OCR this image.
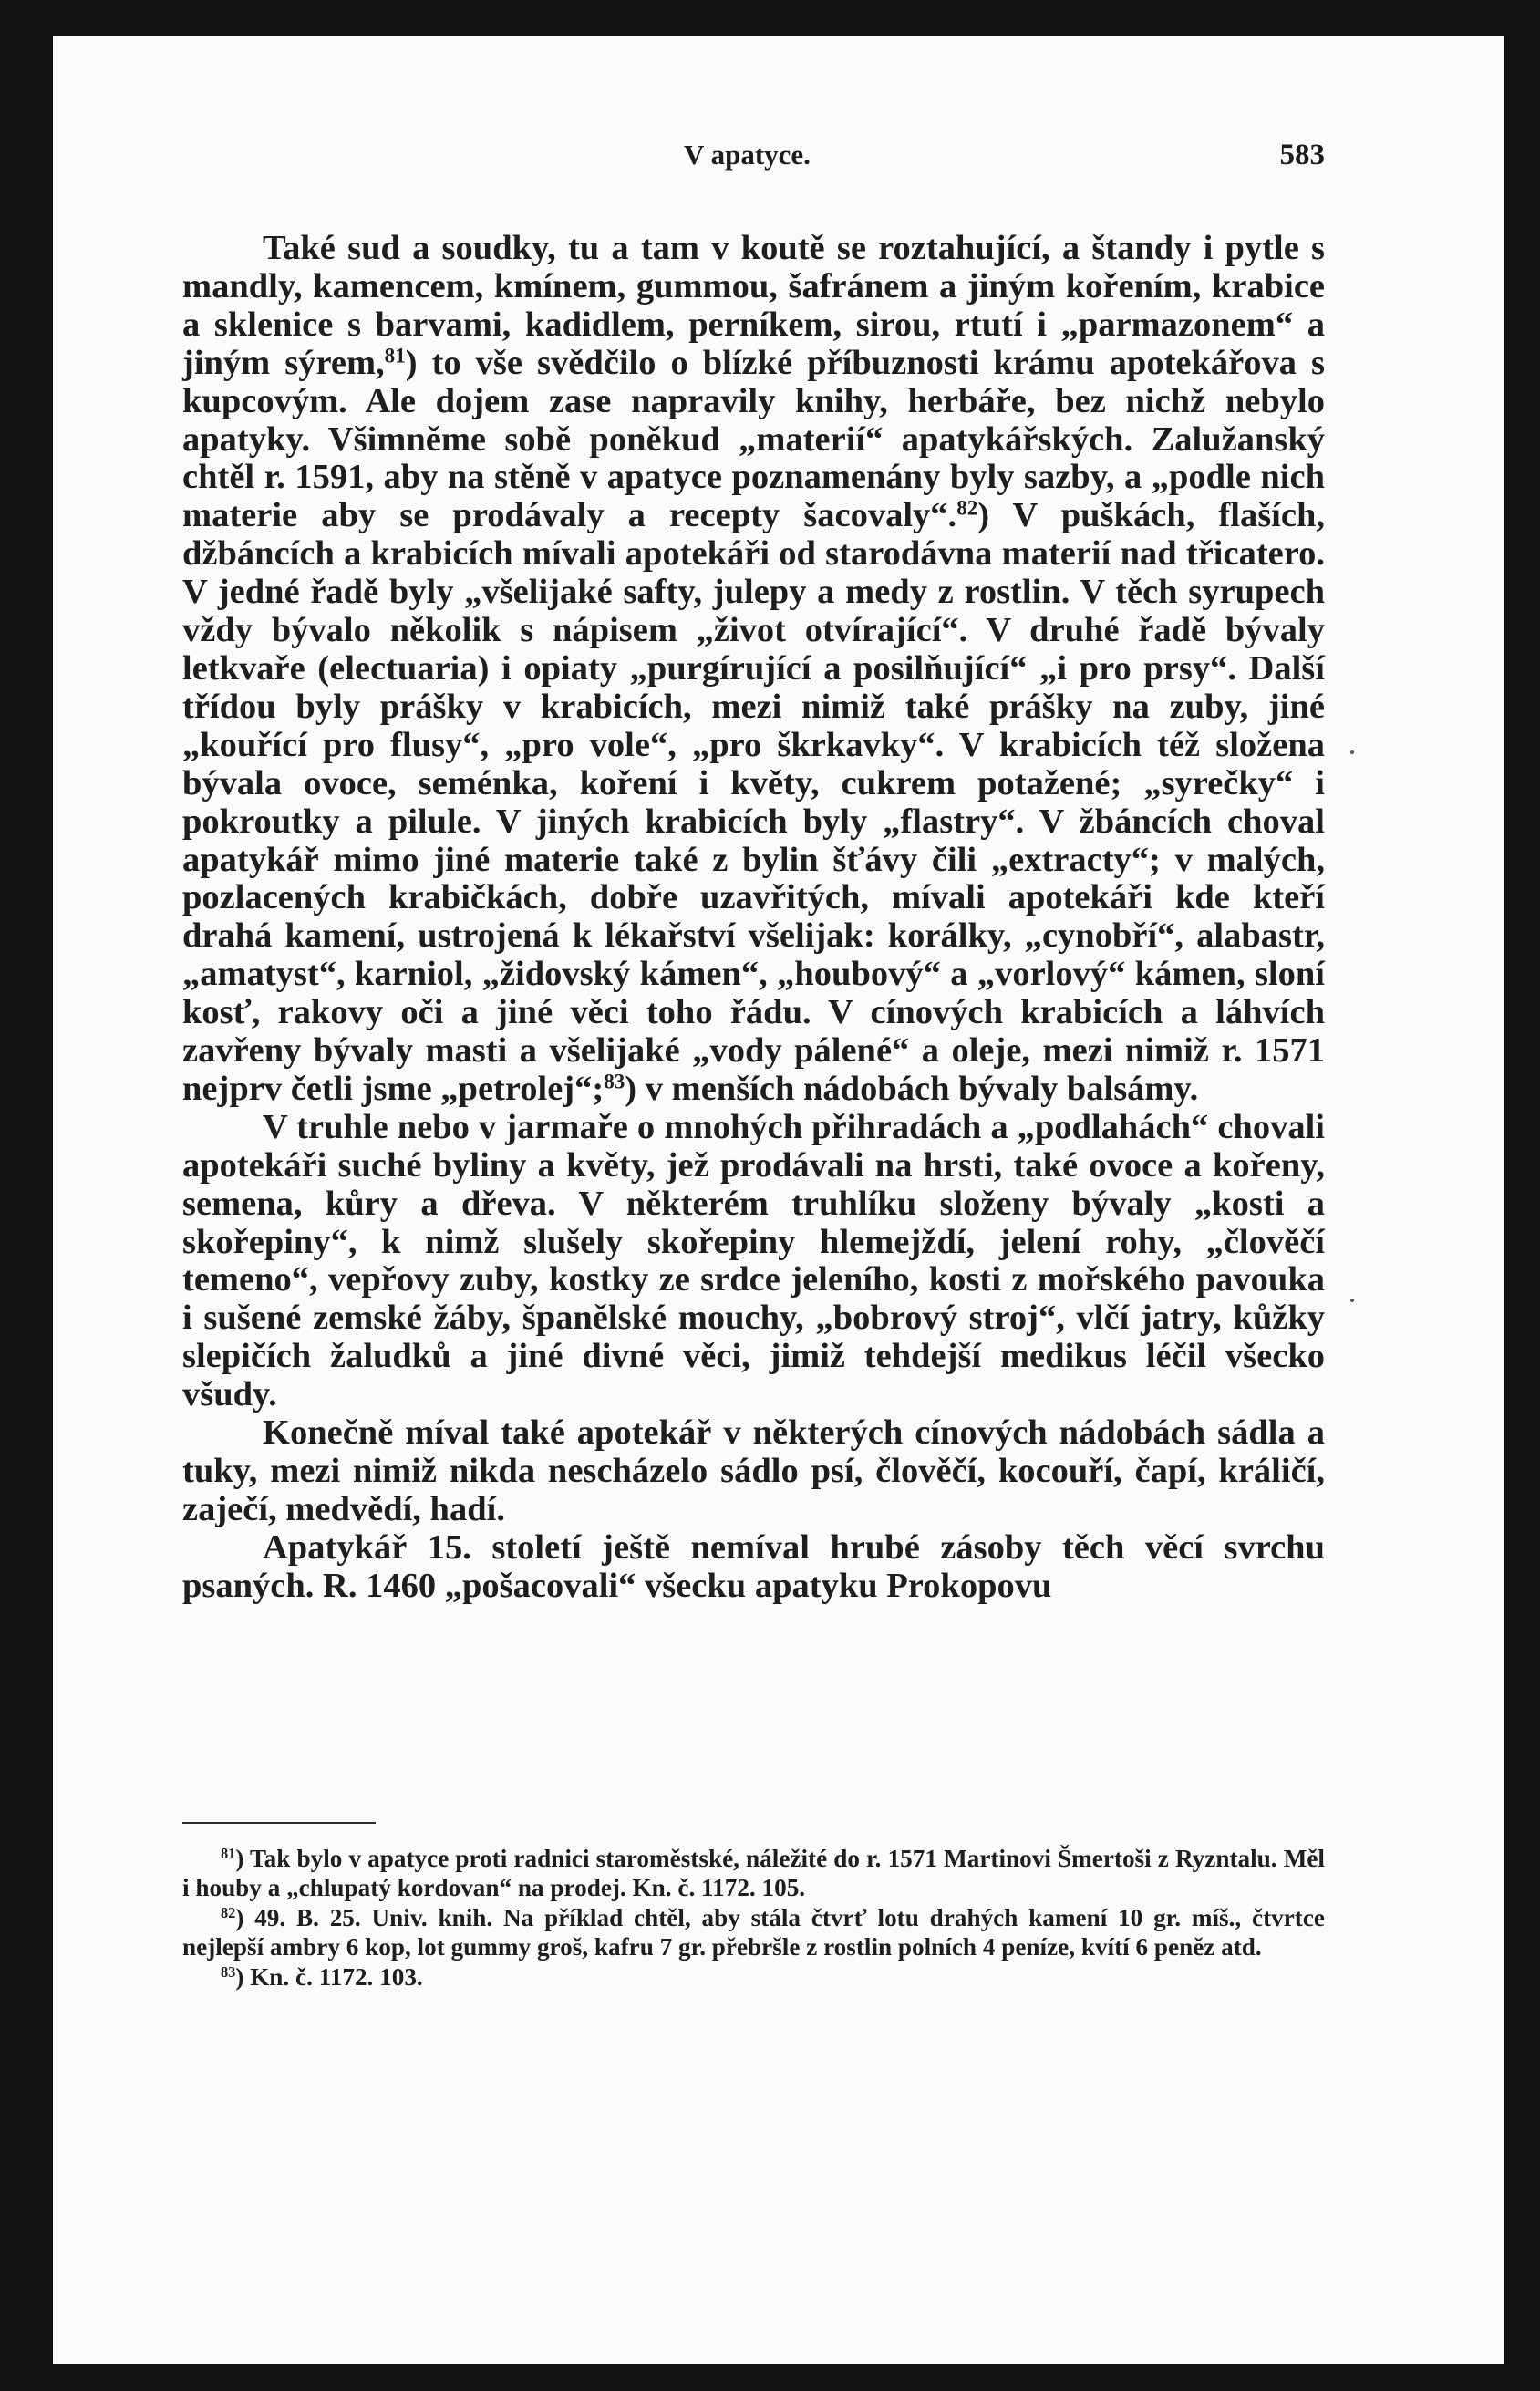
V apatyce.	583

Také sud a soudky, tu a tam v koutě se roztahující, a štandy i pytle s mandly, kamencem, kmínem, gummou, šafránem a jiným kořením, krabice a sklenice s barvami, kadidlem, perníkem, sirou, rtutí i „parmazonem“ a jiným sýrem,$^{81}$) to vše svědčilo o blízké příbuznosti krámu apotekářova s kupcovým. Ale dojem zase napravily knihy, herbáře, bez nichž nebylo apatyky. Všimněme sobě poněkud „materií“ apatykářských. Zalužanský chtěl r. 1591, aby na stěně v apatyce poznamenány byly sazby, a „podle nich materie aby se prodávaly a recepty šacovaly“.$^{82}$) V puškách, flaších, džbáncích a krabicích mívali apotekáři od starodávna materií nad třicatero. V jedné řadě byly „všelijaké safty, julepy a medy z rostlin. V těch syrupech vždy bývalo několik s nápisem „život otvírající“. V druhé řadě bývaly letkvaře (electuaria) i opiaty „purgírující a posilňující“ „i pro prsy“. Další třídou byly prášky v krabicích, mezi nimiž také prášky na zuby, jiné „kouřící pro flusy“, „pro vole“, „pro škrkavky“. V krabicích též složena bývala ovoce, seménka, koření i květy, cukrem potažené; „syrečky“ i pokroutky a pilule. V jiných krabicích byly „flastry“. V žbáncích choval apatykář mimo jiné materie také z bylin šťávy čili „extracty“; v malých, pozlacených krabičkách, dobře uzavřitých, mívali apotekáři kde kteří drahá kamení, ustrojená k lékařství všelijak: korálky, „cynobří“, alabastr, „amatyst“, karniol, „židovský kámen“, „houbový“ a „vorlový“ kámen, sloní kosť, rakovy oči a jiné věci toho řádu. V cínových krabicích a láhvích zavřeny bývaly masti a všelijaké „vody pálené“ a oleje, mezi nimiž r. 1571 nejprv četli jsme „petrolej“;$^{83}$) v menších nádobách bývaly balsámy.

V truhle nebo v jarmaře o mnohých přihradách a „podlahách“ chovali apotekáři suché byliny a květy, jež prodávali na hrsti, také ovoce a kořeny, semena, kůry a dřeva. V některém truhlíku složeny bývaly „kosti a skořepiny“, k nimž slušely skořepiny hlemejždí, jelení rohy, „člověčí temeno“, vepřovy zuby, kostky ze srdce jeleního, kosti z mořského pavouka i sušené zemské žáby, španělské mouchy, „bobrový stroj“, vlčí jatry, kůžky slepičích žaludků a jiné divné věci, jimiž tehdejší medikus léčil všecko všudy.

Konečně míval také apotekář v některých cínových nádobách sádla a tuky, mezi nimiž nikda nescházelo sádlo psí, člověčí, kocouří, čapí, králičí, zaječí, medvědí, hadí.

Apatykář 15. století ještě nemíval hrubé zásoby těch věcí svrchu psaných. R. 1460 „pošacovali“ všecku apatyku Prokopovu

$^{81}$) Tak bylo v apatyce proti radnici staroměstské, náležité do r. 1571 Martinovi Šmertoši z Ryzntalu. Měl i houby a „chlupatý kordovan“ na prodej. Kn. č. 1172. 105.

$^{82}$) 49. B. 25. Univ. knih. Na příklad chtěl, aby stála čtvrť lotu drahých kamení 10 gr. míš., čtvrtce nejlepší ambry 6 kop, lot gummy groš, kafru 7 gr. přebršle z rostlin polních 4 peníze, kvítí 6 peněz atd.

$^{83}$) Kn. č. 1172. 103.
